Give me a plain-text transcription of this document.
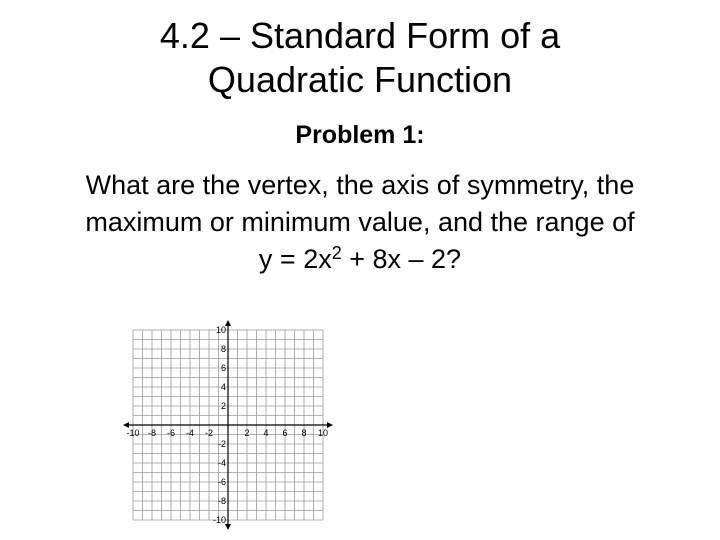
4.2 – Standard Form of a
Quadratic Function
Problem 1:
What are the vertex, the axis of symmetry, the
maximum or minimum value, and the range of
$y = 2x^2 + 8x - 2$?
-10 -8 -6 -4 -2	2 4 6 8 10
10
8
6
4
2
-2
-4
-6
-8
-10
